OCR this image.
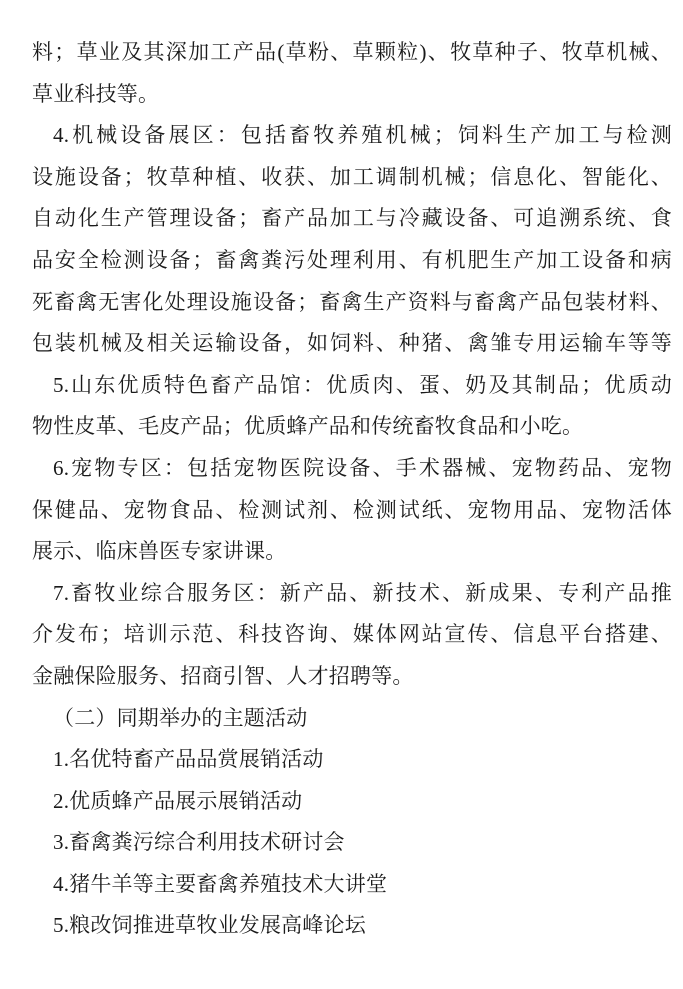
料；草业及其深加工产品(草粉、草颗粒)、牧草种子、牧草机械、
草业科技等。
4.机械设备展区：包括畜牧养殖机械；饲料生产加工与检测
设施设备；牧草种植、收获、加工调制机械；信息化、智能化、
自动化生产管理设备；畜产品加工与冷藏设备、可追溯系统、食
品安全检测设备；畜禽粪污处理利用、有机肥生产加工设备和病
死畜禽无害化处理设施设备；畜禽生产资料与畜禽产品包装材料、
包装机械及相关运输设备，如饲料、种猪、禽雏专用运输车等等
5.山东优质特色畜产品馆：优质肉、蛋、奶及其制品；优质动
物性皮革、毛皮产品；优质蜂产品和传统畜牧食品和小吃。
6.宠物专区：包括宠物医院设备、手术器械、宠物药品、宠物
保健品、宠物食品、检测试剂、检测试纸、宠物用品、宠物活体
展示、临床兽医专家讲课。
7.畜牧业综合服务区：新产品、新技术、新成果、专利产品推
介发布；培训示范、科技咨询、媒体网站宣传、信息平台搭建、
金融保险服务、招商引智、人才招聘等。
（二）同期举办的主题活动
1.名优特畜产品品赏展销活动
2.优质蜂产品展示展销活动
3.畜禽粪污综合利用技术研讨会
4.猪牛羊等主要畜禽养殖技术大讲堂
5.粮改饲推进草牧业发展高峰论坛
